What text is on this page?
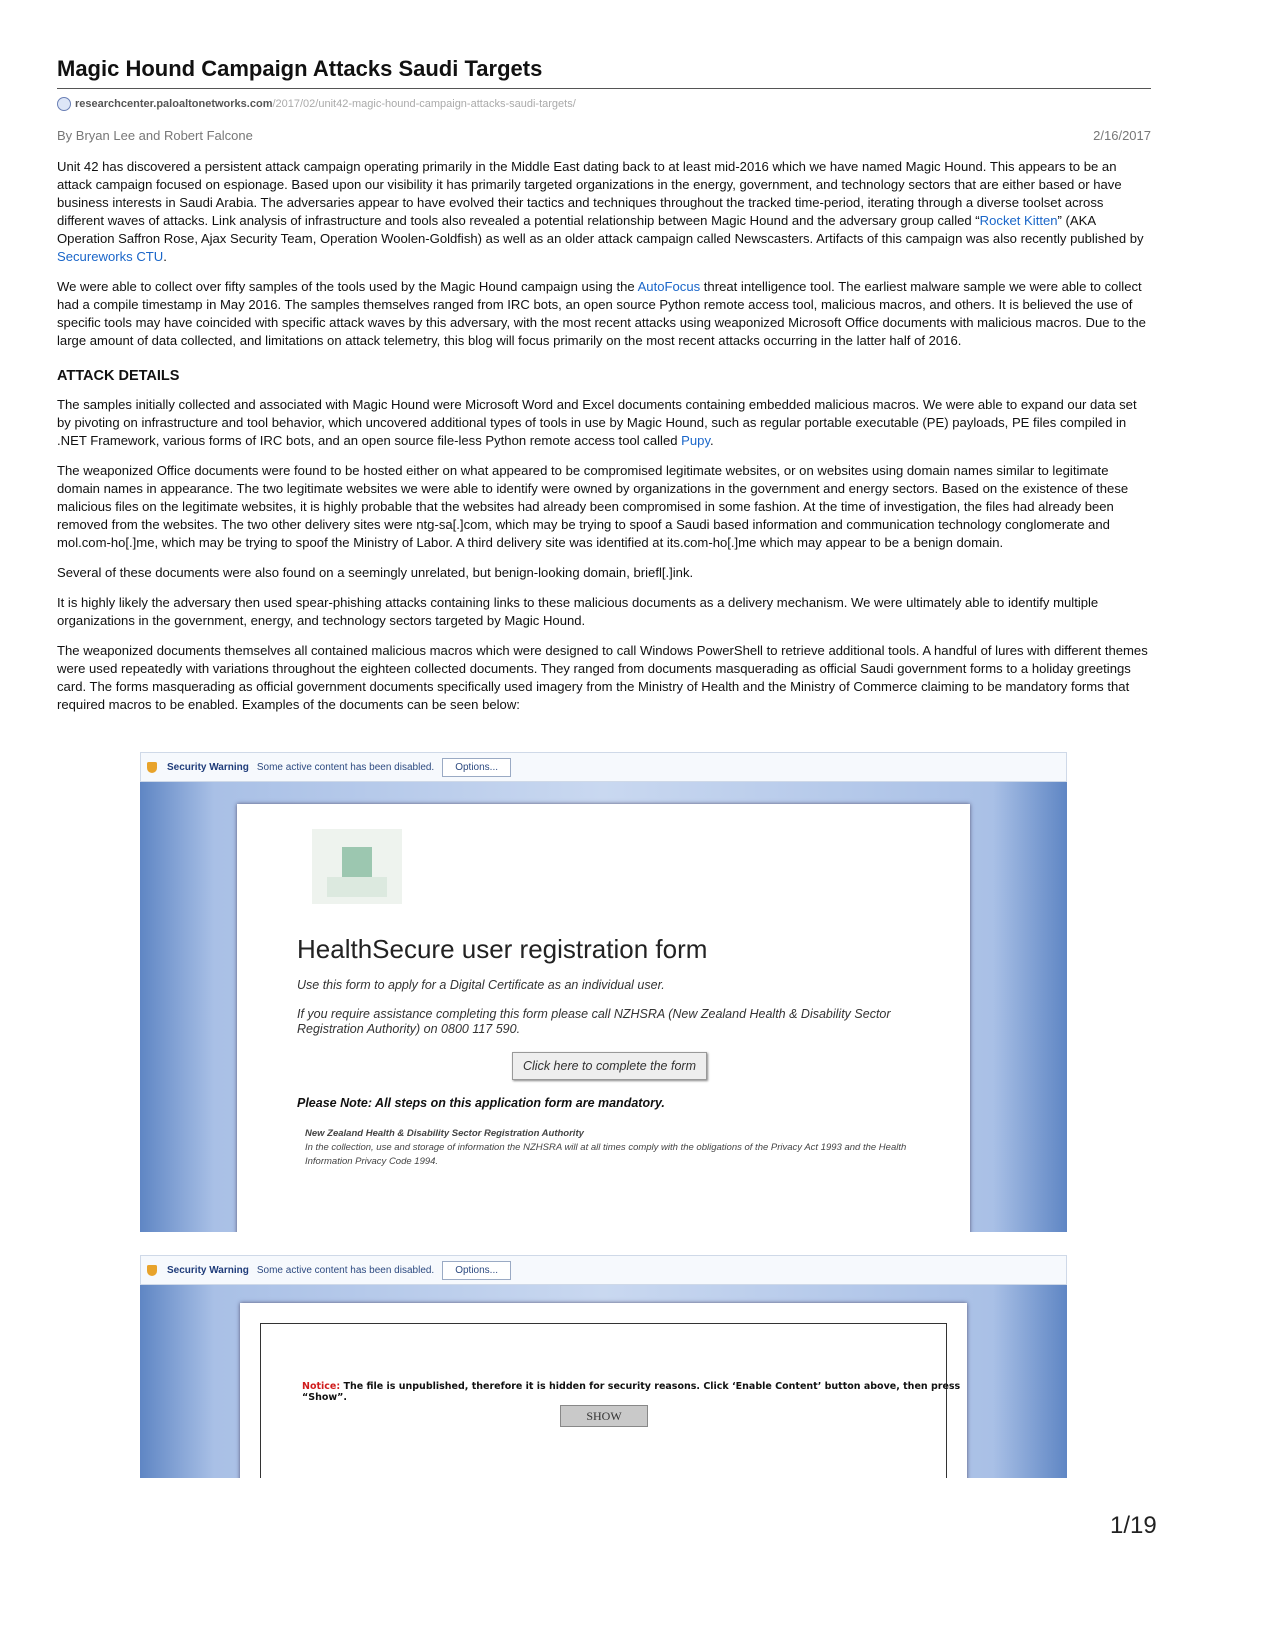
Magic Hound Campaign Attacks Saudi Targets
researchcenter.paloaltonetworks.com /2017/02/unit42-magic-hound-campaign-attacks-saudi-targets/
By Bryan Lee and Robert Falcone	2/16/2017

Unit 42 has discovered a persistent attack campaign operating primarily in the Middle East dating back to at least mid-2016 which we have named Magic Hound. This appears to be an attack campaign focused on espionage. Based upon our visibility it has primarily targeted organizations in the energy, government, and technology sectors that are either based or have business interests in Saudi Arabia. The adversaries appear to have evolved their tactics and techniques throughout the tracked time-period, iterating through a diverse toolset across different waves of attacks. Link analysis of infrastructure and tools also revealed a potential relationship between Magic Hound and the adversary group called “Rocket Kitten” (AKA Operation Saffron Rose, Ajax Security Team, Operation Woolen-Goldfish) as well as an older attack campaign called Newscasters. Artifacts of this campaign was also recently published by Secureworks CTU.

We were able to collect over fifty samples of the tools used by the Magic Hound campaign using the AutoFocus threat intelligence tool. The earliest malware sample we were able to collect had a compile timestamp in May 2016. The samples themselves ranged from IRC bots, an open source Python remote access tool, malicious macros, and others. It is believed the use of specific tools may have coincided with specific attack waves by this adversary, with the most recent attacks using weaponized Microsoft Office documents with malicious macros. Due to the large amount of data collected, and limitations on attack telemetry, this blog will focus primarily on the most recent attacks occurring in the latter half of 2016.

ATTACK DETAILS

The samples initially collected and associated with Magic Hound were Microsoft Word and Excel documents containing embedded malicious macros. We were able to expand our data set by pivoting on infrastructure and tool behavior, which uncovered additional types of tools in use by Magic Hound, such as regular portable executable (PE) payloads, PE files compiled in .NET Framework, various forms of IRC bots, and an open source file-less Python remote access tool called Pupy.

The weaponized Office documents were found to be hosted either on what appeared to be compromised legitimate websites, or on websites using domain names similar to legitimate domain names in appearance. The two legitimate websites we were able to identify were owned by organizations in the government and energy sectors. Based on the existence of these malicious files on the legitimate websites, it is highly probable that the websites had already been compromised in some fashion. At the time of investigation, the files had already been removed from the websites. The two other delivery sites were ntg-sa[.]com, which may be trying to spoof a Saudi based information and communication technology conglomerate and mol.com-ho[.]me, which may be trying to spoof the Ministry of Labor. A third delivery site was identified at its.com-ho[.]me which may appear to be a benign domain.

Several of these documents were also found on a seemingly unrelated, but benign-looking domain, briefl[.]ink.

It is highly likely the adversary then used spear-phishing attacks containing links to these malicious documents as a delivery mechanism. We were ultimately able to identify multiple organizations in the government, energy, and technology sectors targeted by Magic Hound.

The weaponized documents themselves all contained malicious macros which were designed to call Windows PowerShell to retrieve additional tools. A handful of lures with different themes were used repeatedly with variations throughout the eighteen collected documents. They ranged from documents masquerading as official Saudi government forms to a holiday greetings card. The forms masquerading as official government documents specifically used imagery from the Ministry of Health and the Ministry of Commerce claiming to be mandatory forms that required macros to be enabled. Examples of the documents can be seen below:

Security Warning Some active content has been disabled.	Options...
HealthSecure user registration form
Use this form to apply for a Digital Certificate as an individual user.
If you require assistance completing this form please call NZHSRA (New Zealand Health & Disability Sector Registration Authority) on 0800 117 590.
Click here to complete the form
Please Note: All steps on this application form are mandatory.
New Zealand Health & Disability Sector Registration Authority
In the collection, use and storage of information the NZHSRA will at all times comply with the obligations of the Privacy Act 1993 and the Health Information Privacy Code 1994.
Security Warning Some active content has been disabled.	Options...
Notice: The file is unpublished, therefore it is hidden for security reasons. Click ‘Enable Content’ button above, then press “Show”.
SHOW
1/19
